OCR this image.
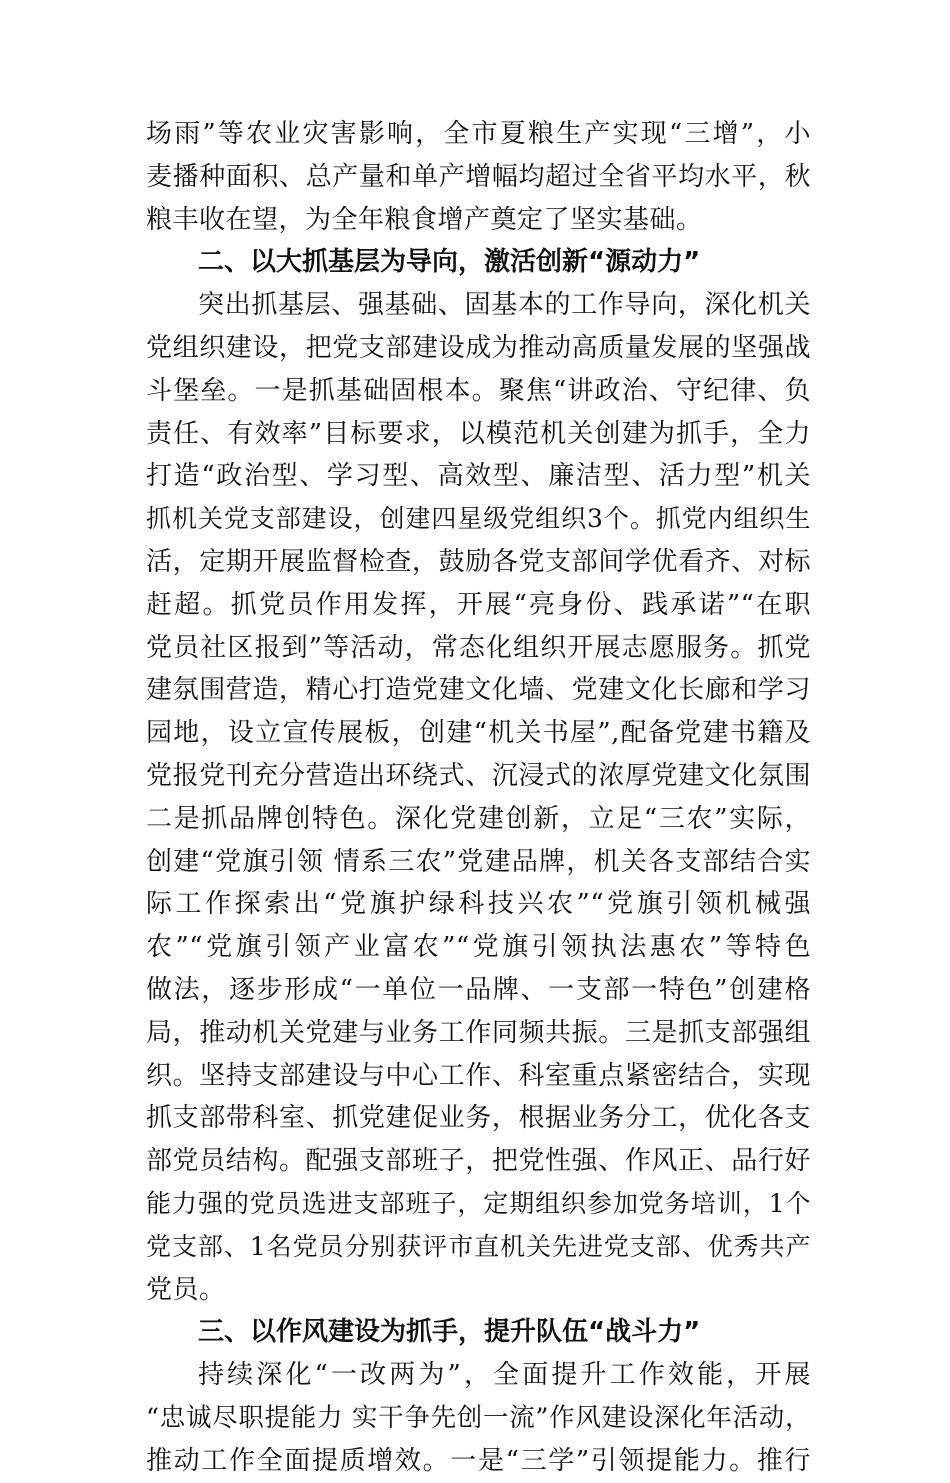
场雨”等农业灾害影响，全市夏粮生产实现“三增”，小
麦播种面积、总产量和单产增幅均超过全省平均水平，秋
粮丰收在望，为全年粮食增产奠定了坚实基础。
二、以大抓基层为导向，激活创新“源动力”
突出抓基层、强基础、固基本的工作导向，深化机关
党组织建设，把党支部建设成为推动高质量发展的坚强战
斗堡垒。一是抓基础固根本。聚焦“讲政治、守纪律、负
责任、有效率”目标要求，以模范机关创建为抓手，全力
打造“政治型、学习型、高效型、廉洁型、活力型”机关
抓机关党支部建设，创建四星级党组织3个。抓党内组织生
活，定期开展监督检查，鼓励各党支部间学优看齐、对标
赶超。抓党员作用发挥，开展“亮身份、践承诺”“在职
党员社区报到”等活动，常态化组织开展志愿服务。抓党
建氛围营造，精心打造党建文化墙、党建文化长廊和学习
园地，设立宣传展板，创建“机关书屋”,配备党建书籍及
党报党刊充分营造出环绕式、沉浸式的浓厚党建文化氛围
二是抓品牌创特色。深化党建创新，立足“三农”实际，
创建“党旗引领 情系三农”党建品牌，机关各支部结合实
际工作探索出“党旗护绿科技兴农”“党旗引领机械强
农”“党旗引领产业富农”“党旗引领执法惠农”等特色
做法，逐步形成“一单位一品牌、一支部一特色”创建格
局，推动机关党建与业务工作同频共振。三是抓支部强组
织。坚持支部建设与中心工作、科室重点紧密结合，实现
抓支部带科室、抓党建促业务，根据业务分工，优化各支
部党员结构。配强支部班子，把党性强、作风正、品行好
能力强的党员选进支部班子，定期组织参加党务培训，1个
党支部、1名党员分别获评市直机关先进党支部、优秀共产
党员。
三、以作风建设为抓手，提升队伍“战斗力”
持续深化“一改两为”，全面提升工作效能，开展
“忠诚尽职提能力 实干争先创一流”作风建设深化年活动，
推动工作全面提质增效。一是“三学”引领提能力。推行
